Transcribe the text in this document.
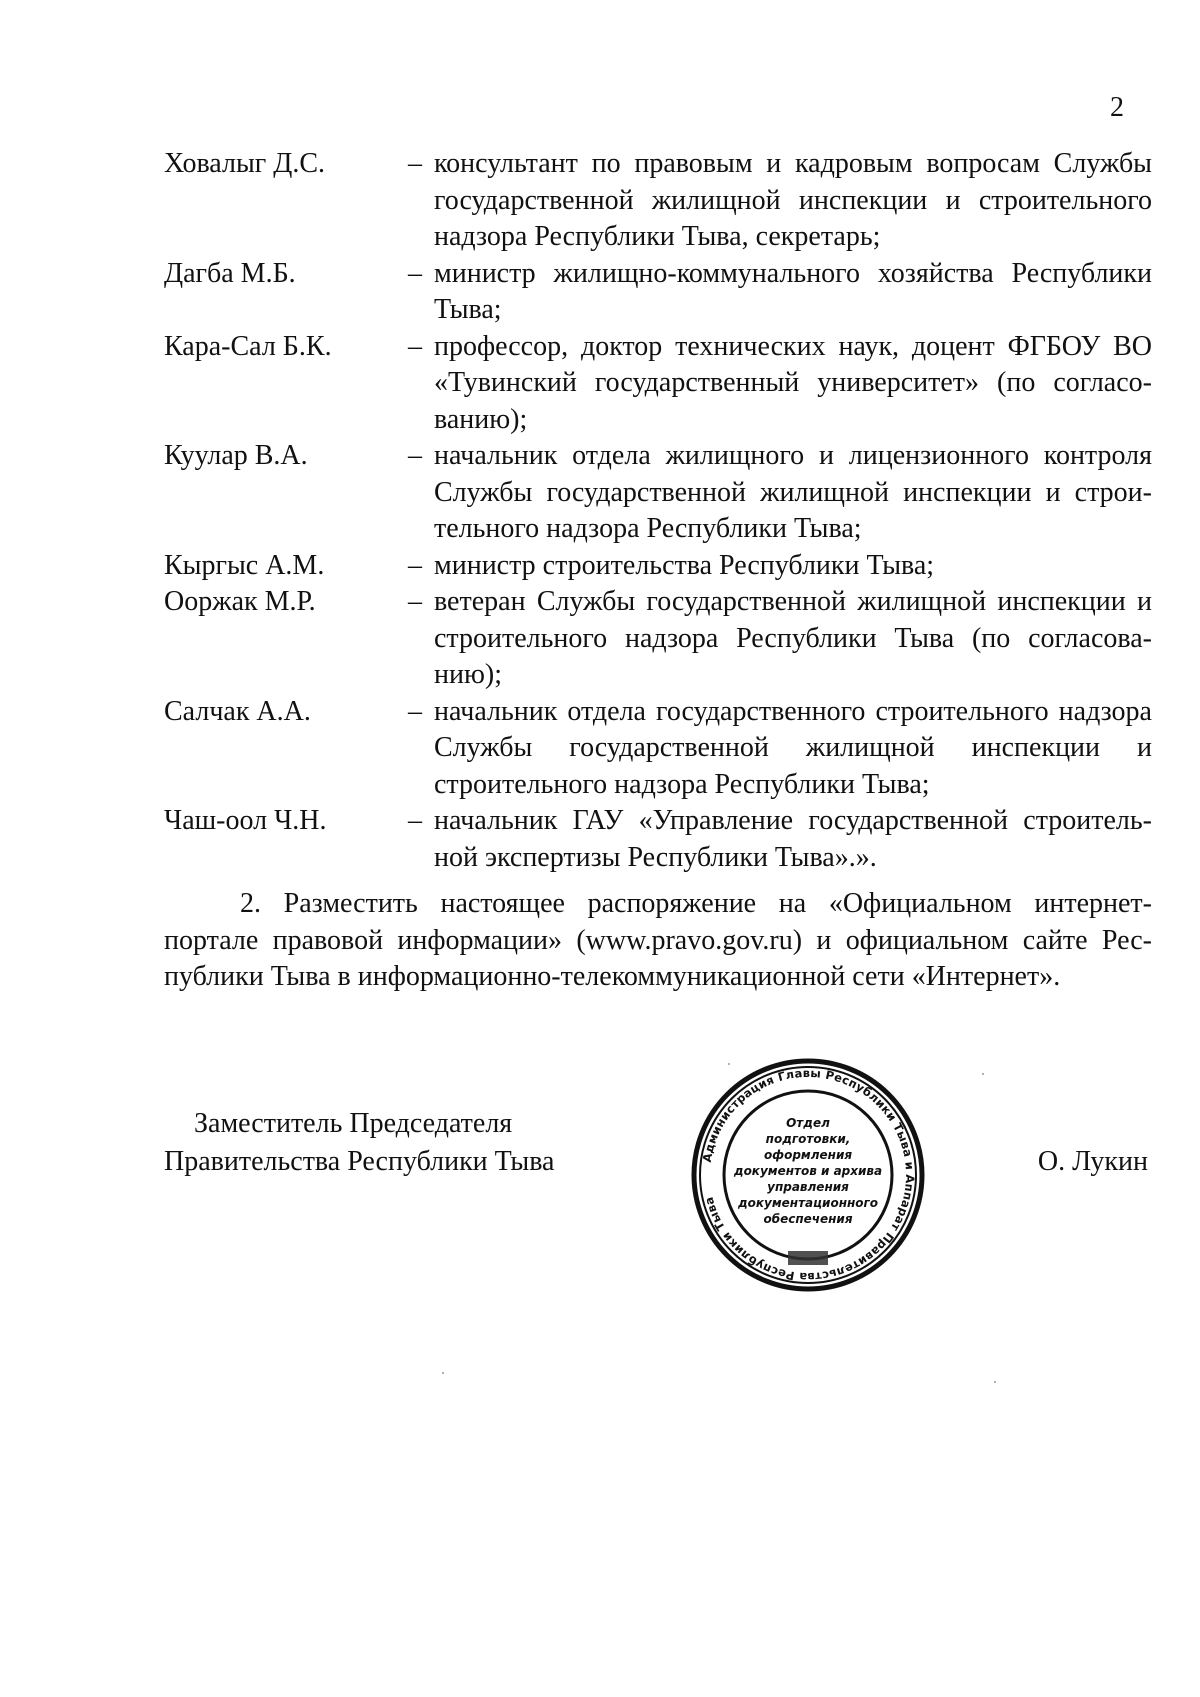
2
Ховалыг Д.С.	– консультант по правовым и кадровым вопросам Службы государственной жилищной инспекции и строительного надзора Республики Тыва, секретарь;
Дагба М.Б.	– министр жилищно-коммунального хозяйства Республики Тыва;
Кара-Сал Б.К.	– профессор, доктор технических наук, доцент ФГБОУ ВО «Тувинский государственный университет» (по согласованию);
Куулар В.А.	– начальник отдела жилищного и лицензионного контроля Службы государственной жилищной инспекции и строительного надзора Республики Тыва;
Кыргыс А.М.	– министр строительства Республики Тыва;
Ооржак М.Р.	– ветеран Службы государственной жилищной инспекции и строительного надзора Республики Тыва (по согласованию);
Салчак А.А.	– начальник отдела государственного строительного надзора Службы государственной жилищной инспекции и строительного надзора Республики Тыва;
Чаш-оол Ч.Н.	– начальник ГАУ «Управление государственной строительной экспертизы Республики Тыва».».
2. Разместить настоящее распоряжение на «Официальном интернет-портале правовой информации» (www.pravo.gov.ru) и официальном сайте Республики Тыва в информационно-телекоммуникационной сети «Интернет».
Заместитель Председателя
Правительства Республики Тыва	Администрация Главы Республики Тыва и Аппарат Правительства Республики Тыва
Отдел
подготовки,
оформления
документов и архива
управления
документационного
обеспечения
О. Лукин
